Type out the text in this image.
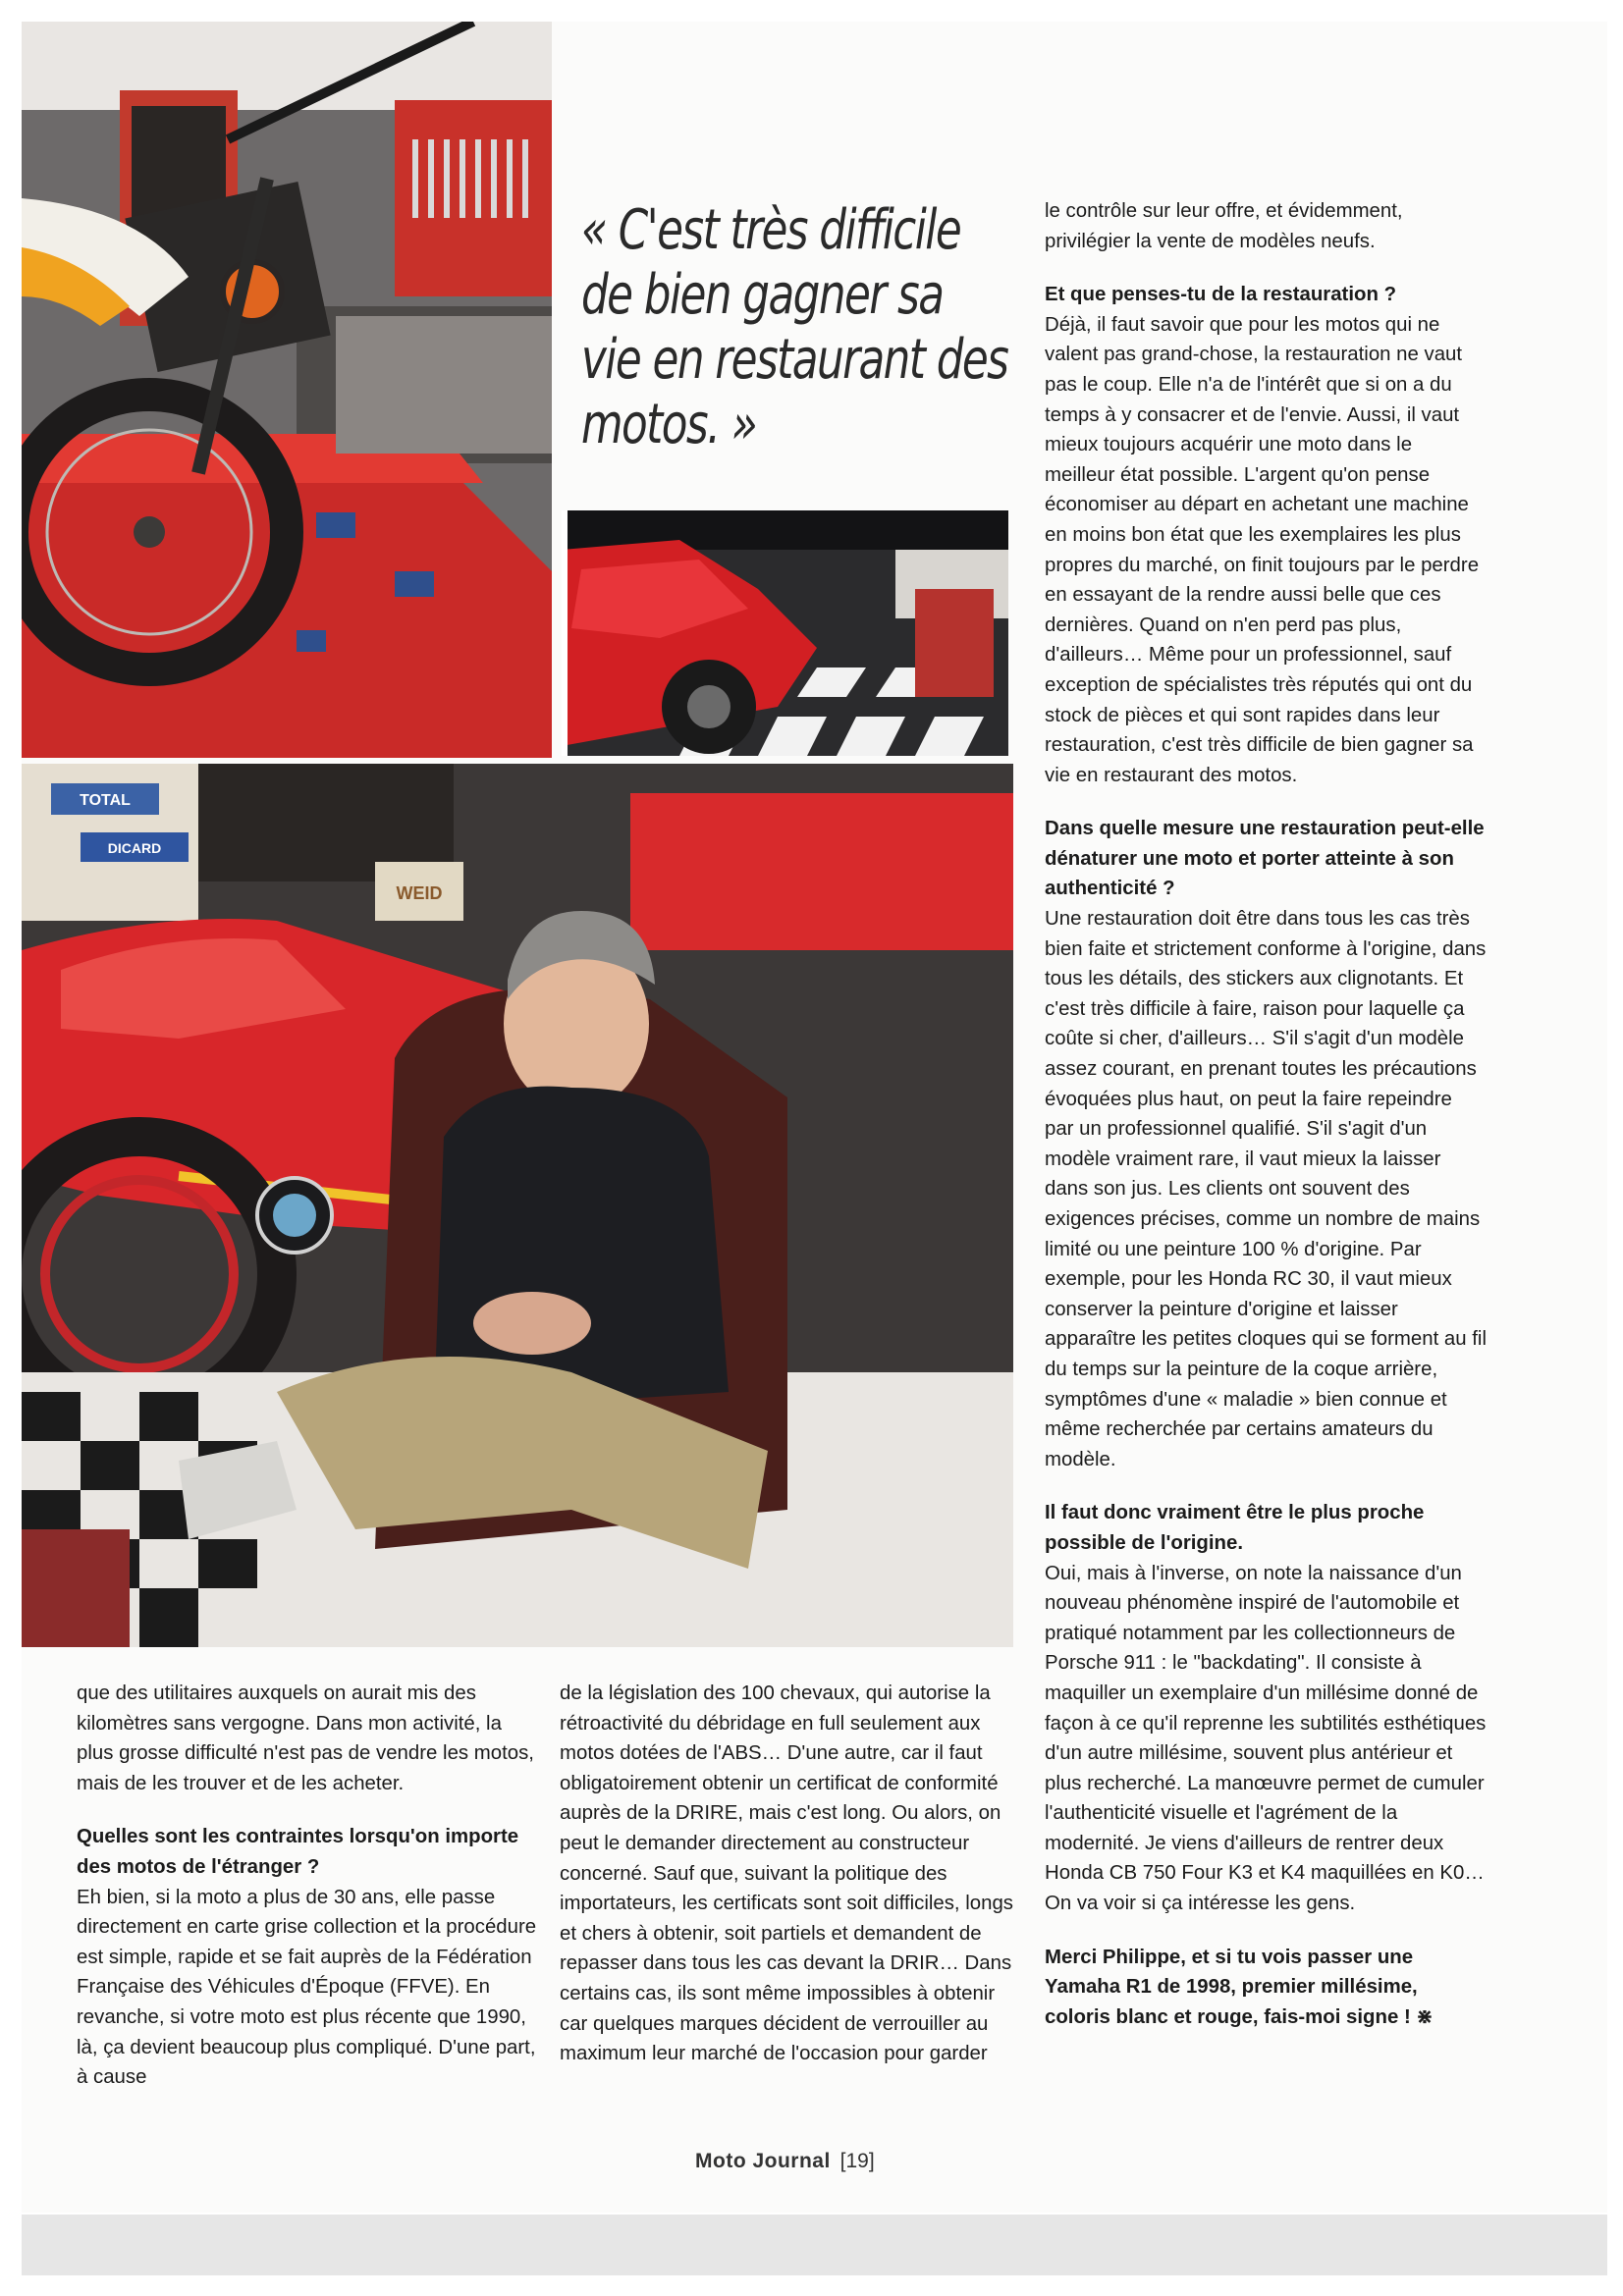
« C'est très difficile de bien gagner sa vie en restaurant des motos. »
TOTAL
DICARD
WEID

le contrôle sur leur offre, et évidemment, privilégier la vente de modèles neufs.

Et que penses-tu de la restauration ?

Déjà, il faut savoir que pour les motos qui ne valent pas grand-chose, la restauration ne vaut pas le coup. Elle n'a de l'intérêt que si on a du temps à y consacrer et de l'envie. Aussi, il vaut mieux toujours acquérir une moto dans le meilleur état possible. L'argent qu'on pense économiser au départ en achetant une machine en moins bon état que les exemplaires les plus propres du marché, on finit toujours par le perdre en essayant de la rendre aussi belle que ces dernières. Quand on n'en perd pas plus, d'ailleurs… Même pour un professionnel, sauf exception de spécialistes très réputés qui ont du stock de pièces et qui sont rapides dans leur restauration, c'est très difficile de bien gagner sa vie en restaurant des motos.

Dans quelle mesure une restauration peut-elle dénaturer une moto et porter atteinte à son authenticité ?

Une restauration doit être dans tous les cas très bien faite et strictement conforme à l'origine, dans tous les détails, des stickers aux clignotants. Et c'est très difficile à faire, raison pour laquelle ça coûte si cher, d'ailleurs… S'il s'agit d'un modèle assez courant, en prenant toutes les précautions évoquées plus haut, on peut la faire repeindre par un professionnel qualifié. S'il s'agit d'un modèle vraiment rare, il vaut mieux la laisser dans son jus. Les clients ont souvent des exigences précises, comme un nombre de mains limité ou une peinture 100 % d'origine. Par exemple, pour les Honda RC 30, il vaut mieux conserver la peinture d'origine et laisser apparaître les petites cloques qui se forment au fil du temps sur la peinture de la coque arrière, symptômes d'une « maladie » bien connue et même recherchée par certains amateurs du modèle.

Il faut donc vraiment être le plus proche possible de l'origine.

Oui, mais à l'inverse, on note la naissance d'un nouveau phénomène inspiré de l'automobile et pratiqué notamment par les collectionneurs de Porsche 911 : le "backdating". Il consiste à maquiller un exemplaire d'un millésime donné de façon à ce qu'il reprenne les subtilités esthétiques d'un autre millésime, souvent plus antérieur et plus recherché. La manœuvre permet de cumuler l'authenticité visuelle et l'agrément de la modernité. Je viens d'ailleurs de rentrer deux Honda CB 750 Four K3 et K4 maquillées en K0… On va voir si ça intéresse les gens.

Merci Philippe, et si tu vois passer une Yamaha R1 de 1998, premier millésime, coloris blanc et rouge, fais-moi signe ! ⋇

que des utilitaires auxquels on aurait mis des kilomètres sans vergogne. Dans mon activité, la plus grosse difficulté n'est pas de vendre les motos, mais de les trouver et de les acheter.

Quelles sont les contraintes lorsqu'on importe des motos de l'étranger ?

Eh bien, si la moto a plus de 30 ans, elle passe directement en carte grise collection et la procédure est simple, rapide et se fait auprès de la Fédération Française des Véhicules d'Époque (FFVE). En revanche, si votre moto est plus récente que 1990, là, ça devient beaucoup plus compliqué. D'une part, à cause

de la législation des 100 chevaux, qui autorise la rétroactivité du débridage en full seulement aux motos dotées de l'ABS… D'une autre, car il faut obligatoirement obtenir un certificat de conformité auprès de la DRIRE, mais c'est long. Ou alors, on peut le demander directement au constructeur concerné. Sauf que, suivant la politique des importateurs, les certificats sont soit difficiles, longs et chers à obtenir, soit partiels et demandent de repasser dans tous les cas devant la DRIR… Dans certains cas, ils sont même impossibles à obtenir car quelques marques décident de verrouiller au maximum leur marché de l'occasion pour garder

Moto Journal [19]
